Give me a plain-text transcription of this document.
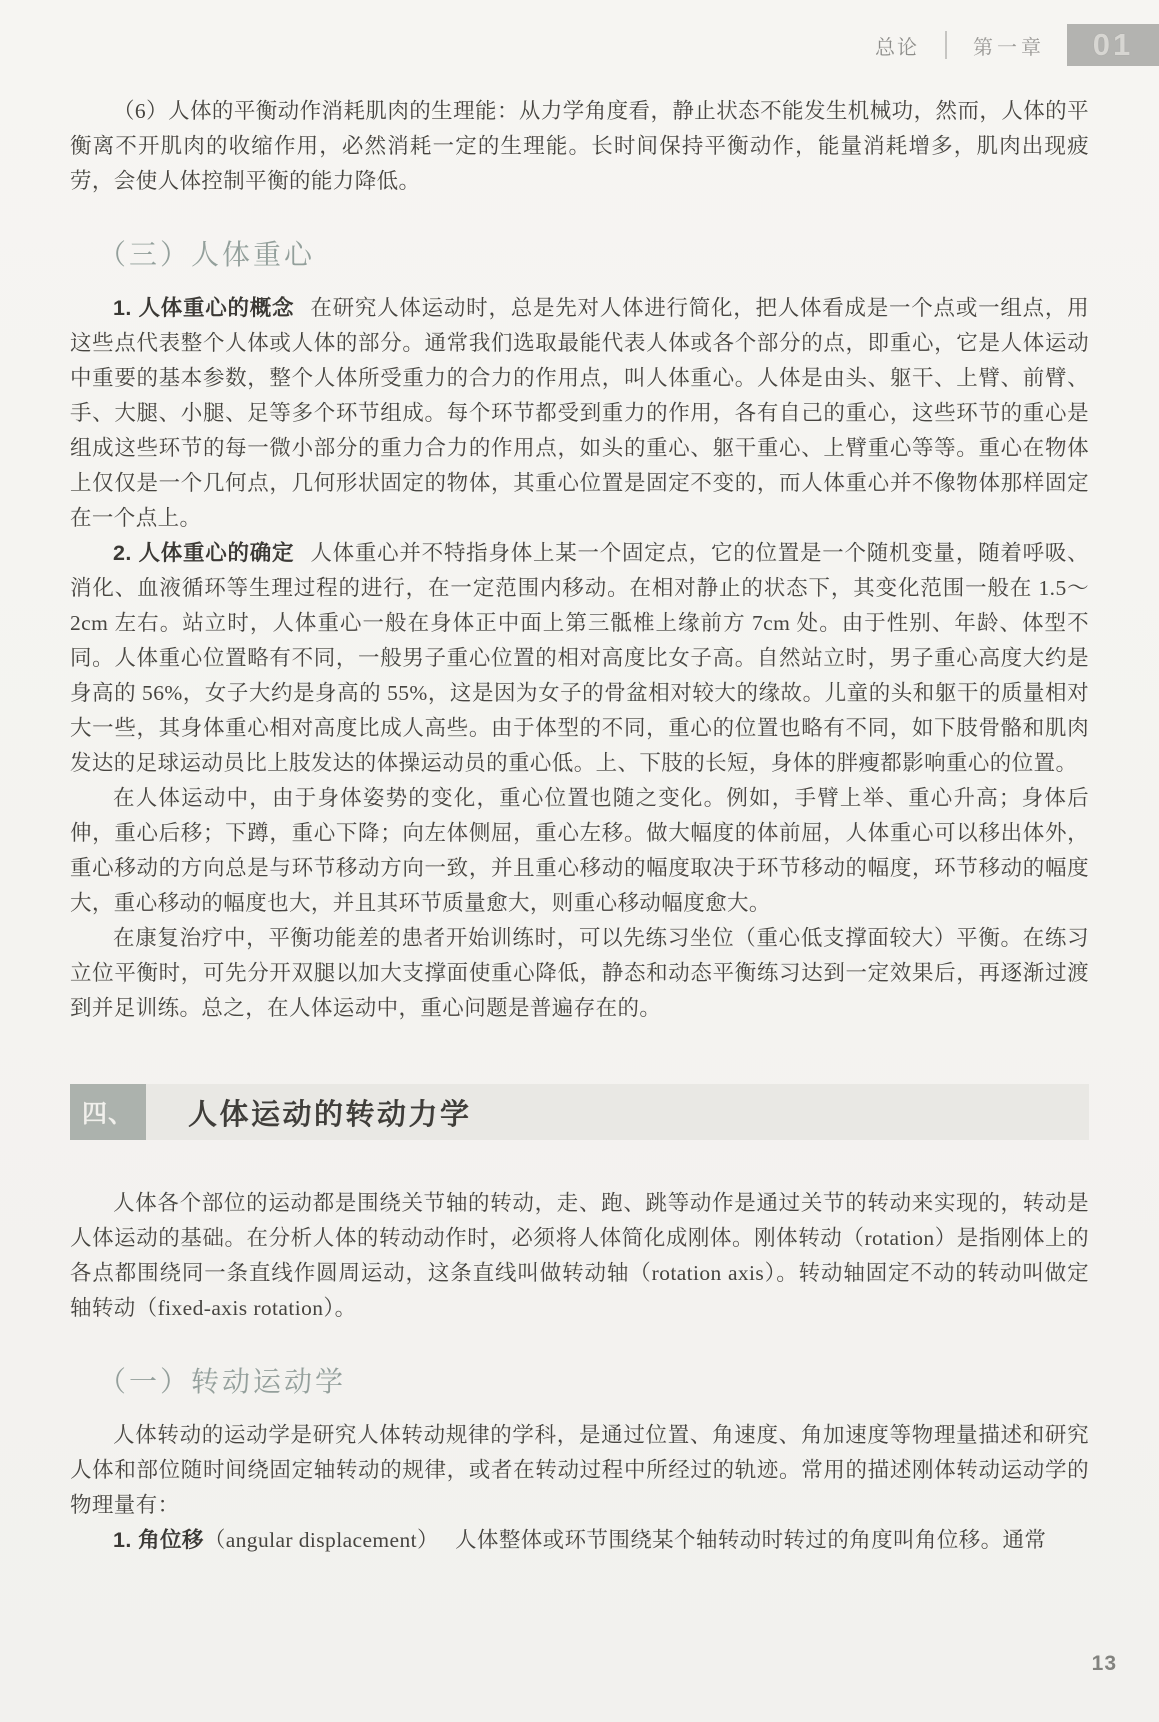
总论	第一章	01

（6）人体的平衡动作消耗肌肉的生理能：从力学角度看，静止状态不能发生机械功，然而，人体的平衡离不开肌肉的收缩作用，必然消耗一定的生理能。长时间保持平衡动作，能量消耗增多，肌肉出现疲劳，会使人体控制平衡的能力降低。

（三）人体重心

1. 人体重心的概念 在研究人体运动时，总是先对人体进行简化，把人体看成是一个点或一组点，用这些点代表整个人体或人体的部分。通常我们选取最能代表人体或各个部分的点，即重心，它是人体运动中重要的基本参数，整个人体所受重力的合力的作用点，叫人体重心。人体是由头、躯干、上臂、前臂、手、大腿、小腿、足等多个环节组成。每个环节都受到重力的作用，各有自己的重心，这些环节的重心是组成这些环节的每一微小部分的重力合力的作用点，如头的重心、躯干重心、上臂重心等等。重心在物体上仅仅是一个几何点，几何形状固定的物体，其重心位置是固定不变的，而人体重心并不像物体那样固定在一个点上。

2. 人体重心的确定 人体重心并不特指身体上某一个固定点，它的位置是一个随机变量，随着呼吸、消化、血液循环等生理过程的进行，在一定范围内移动。在相对静止的状态下，其变化范围一般在 1.5～2cm 左右。站立时，人体重心一般在身体正中面上第三骶椎上缘前方 7cm 处。由于性别、年龄、体型不同。人体重心位置略有不同，一般男子重心位置的相对高度比女子高。自然站立时，男子重心高度大约是身高的 56%，女子大约是身高的 55%，这是因为女子的骨盆相对较大的缘故。儿童的头和躯干的质量相对大一些，其身体重心相对高度比成人高些。由于体型的不同，重心的位置也略有不同，如下肢骨骼和肌肉发达的足球运动员比上肢发达的体操运动员的重心低。上、下肢的长短，身体的胖瘦都影响重心的位置。

在人体运动中，由于身体姿势的变化，重心位置也随之变化。例如，手臂上举、重心升高；身体后伸，重心后移；下蹲，重心下降；向左体侧屈，重心左移。做大幅度的体前屈，人体重心可以移出体外，重心移动的方向总是与环节移动方向一致，并且重心移动的幅度取决于环节移动的幅度，环节移动的幅度大，重心移动的幅度也大，并且其环节质量愈大，则重心移动幅度愈大。

在康复治疗中，平衡功能差的患者开始训练时，可以先练习坐位（重心低支撑面较大）平衡。在练习立位平衡时，可先分开双腿以加大支撑面使重心降低，静态和动态平衡练习达到一定效果后，再逐渐过渡到并足训练。总之，在人体运动中，重心问题是普遍存在的。

四、	人体运动的转动力学

人体各个部位的运动都是围绕关节轴的转动，走、跑、跳等动作是通过关节的转动来实现的，转动是人体运动的基础。在分析人体的转动动作时，必须将人体简化成刚体。刚体转动（rotation）是指刚体上的各点都围绕同一条直线作圆周运动，这条直线叫做转动轴（rotation axis）。转动轴固定不动的转动叫做定轴转动（fixed-axis rotation）。

（一）转动运动学

人体转动的运动学是研究人体转动规律的学科，是通过位置、角速度、角加速度等物理量描述和研究人体和部位随时间绕固定轴转动的规律，或者在转动过程中所经过的轨迹。常用的描述刚体转动运动学的物理量有：

1. 角位移（angular displacement） 人体整体或环节围绕某个轴转动时转过的角度叫角位移。通常

13
